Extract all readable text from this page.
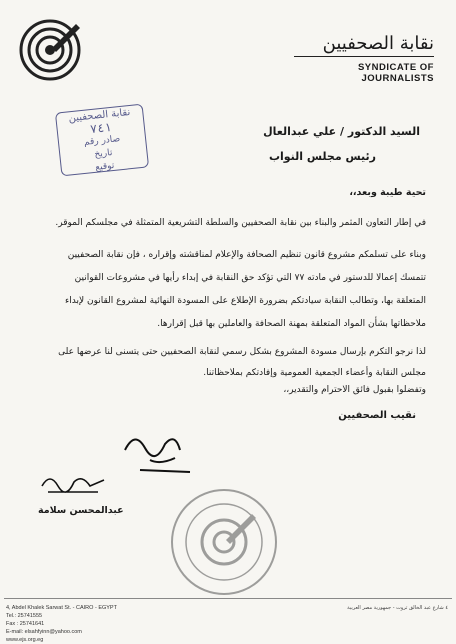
نقابة الصحفيين
SYNDICATE OF JOURNALISTS
نقابة الصحفيين
٧٤١
صادر رقم
تاريخ
توقيع
السيد الدكتور / علي عبدالعال
رئيس مجلس النواب
تحية طيبة وبعد،،
في إطار التعاون المثمر والبناء بين نقابة الصحفيين والسلطة التشريعية المتمثلة في مجلسكم الموقر.
وبناء على تسلمكم مشروع قانون تنظيم الصحافة والإعلام لمناقشته وإقراره ، فإن نقابة الصحفيين
تتمسك إعمالا للدستور في مادته ٧٧ التي تؤكد حق النقابة في إبداء رأيها في مشروعات القوانين
المتعلقة بها، وتطالب النقابة سيادتكم بضرورة الإطلاع على المسودة النهائية لمشروع القانون لإبداء
ملاحظاتها بشأن المواد المتعلقة بمهنة الصحافة والعاملين بها قبل إقرارها.
لذا نرجو التكرم بإرسال مسودة المشروع بشكل رسمي لنقابة الصحفيين حتى يتسنى لنا عرضها على
مجلس النقابة وأعضاء الجمعية العمومية وإفادتكم بملاحظاتنا.
وتفضلوا بقبول فائق الاحترام والتقدير،،
نقيب الصحفيين
عبدالمحسن سلامة
4, Abdel Khalek Sarwat St. - CAIRO - EGYPT
Tel.: 25741555
Fax : 25741641
E-mail: elsahfyinn@yahoo.com
www.ejs.org.eg
٤ شارع عبد الخالق ثروت - جمهورية مصر العربية
